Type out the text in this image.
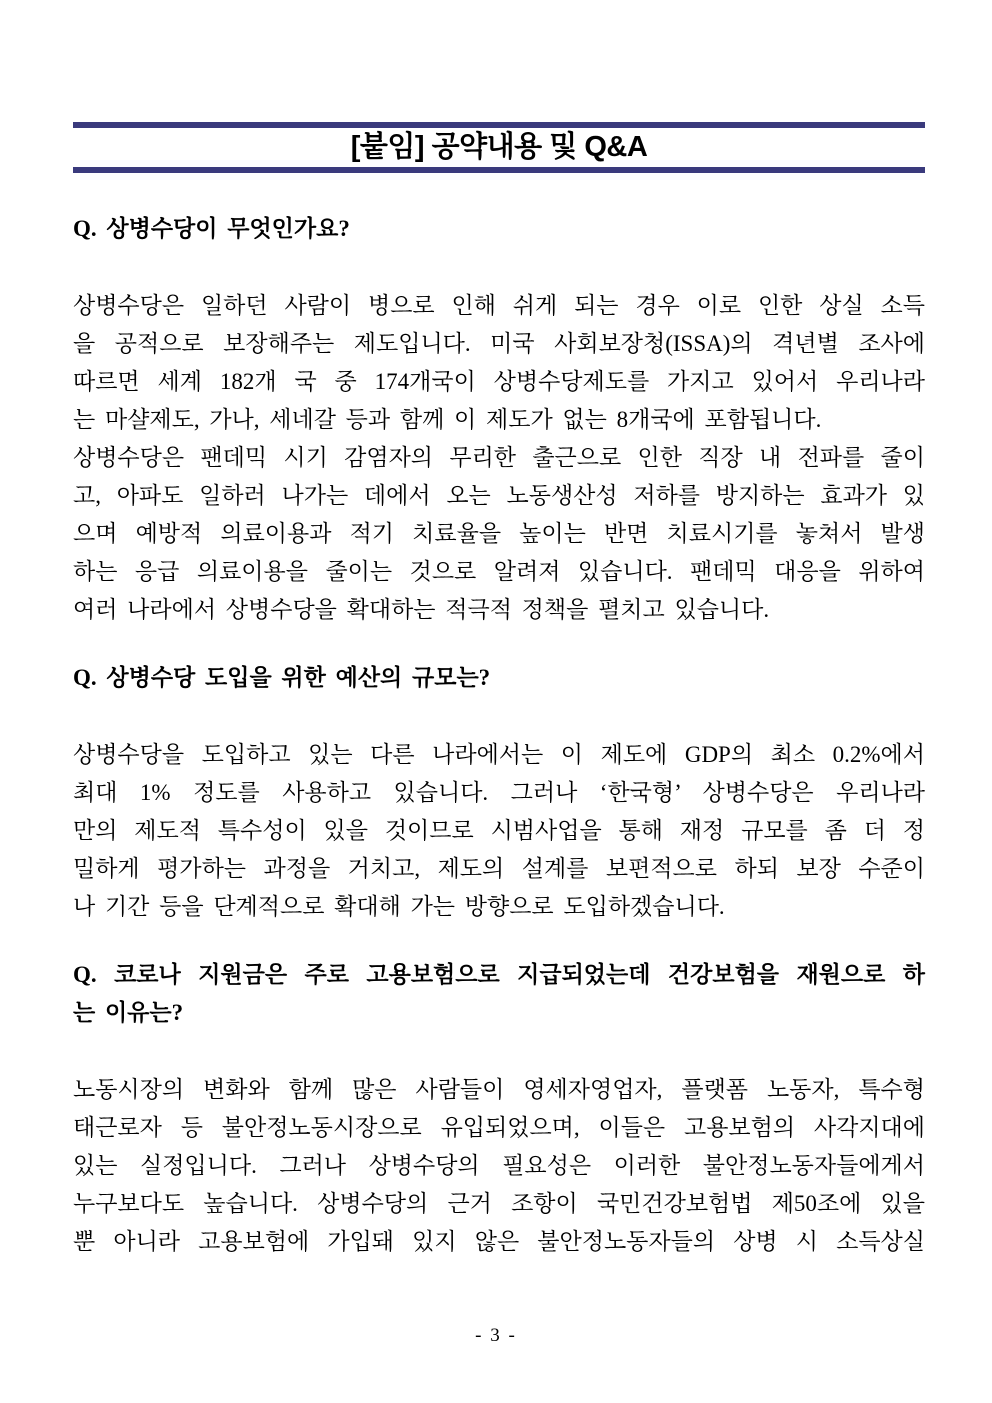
[붙임] 공약내용 및 Q&A

Q. 상병수당이 무엇인가요?

상병수당은 일하던 사람이 병으로 인해 쉬게 되는 경우 이로 인한 상실 소득

을 공적으로 보장해주는 제도입니다. 미국 사회보장청(ISSA)의 격년별 조사에

따르면 세계 182개 국 중 174개국이 상병수당제도를 가지고 있어서 우리나라

는 마샬제도, 가나, 세네갈 등과 함께 이 제도가 없는 8개국에 포함됩니다.

상병수당은 팬데믹 시기 감염자의 무리한 출근으로 인한 직장 내 전파를 줄이

고, 아파도 일하러 나가는 데에서 오는 노동생산성 저하를 방지하는 효과가 있

으며 예방적 의료이용과 적기 치료율을 높이는 반면 치료시기를 놓쳐서 발생

하는 응급 의료이용을 줄이는 것으로 알려져 있습니다. 팬데믹 대응을 위하여

여러 나라에서 상병수당을 확대하는 적극적 정책을 펼치고 있습니다.

Q. 상병수당 도입을 위한 예산의 규모는?

상병수당을 도입하고 있는 다른 나라에서는 이 제도에 GDP의 최소 0.2%에서

최대 1% 정도를 사용하고 있습니다. 그러나 ‘한국형’ 상병수당은 우리나라

만의 제도적 특수성이 있을 것이므로 시범사업을 통해 재정 규모를 좀 더 정

밀하게 평가하는 과정을 거치고, 제도의 설계를 보편적으로 하되 보장 수준이

나 기간 등을 단계적으로 확대해 가는 방향으로 도입하겠습니다.

Q. 코로나 지원금은 주로 고용보험으로 지급되었는데 건강보험을 재원으로 하

는 이유는?

노동시장의 변화와 함께 많은 사람들이 영세자영업자, 플랫폼 노동자, 특수형

태근로자 등 불안정노동시장으로 유입되었으며, 이들은 고용보험의 사각지대에

있는 실정입니다. 그러나 상병수당의 필요성은 이러한 불안정노동자들에게서

누구보다도 높습니다. 상병수당의 근거 조항이 국민건강보험법 제50조에 있을

뿐 아니라 고용보험에 가입돼 있지 않은 불안정노동자들의 상병 시 소득상실

- 3 -
